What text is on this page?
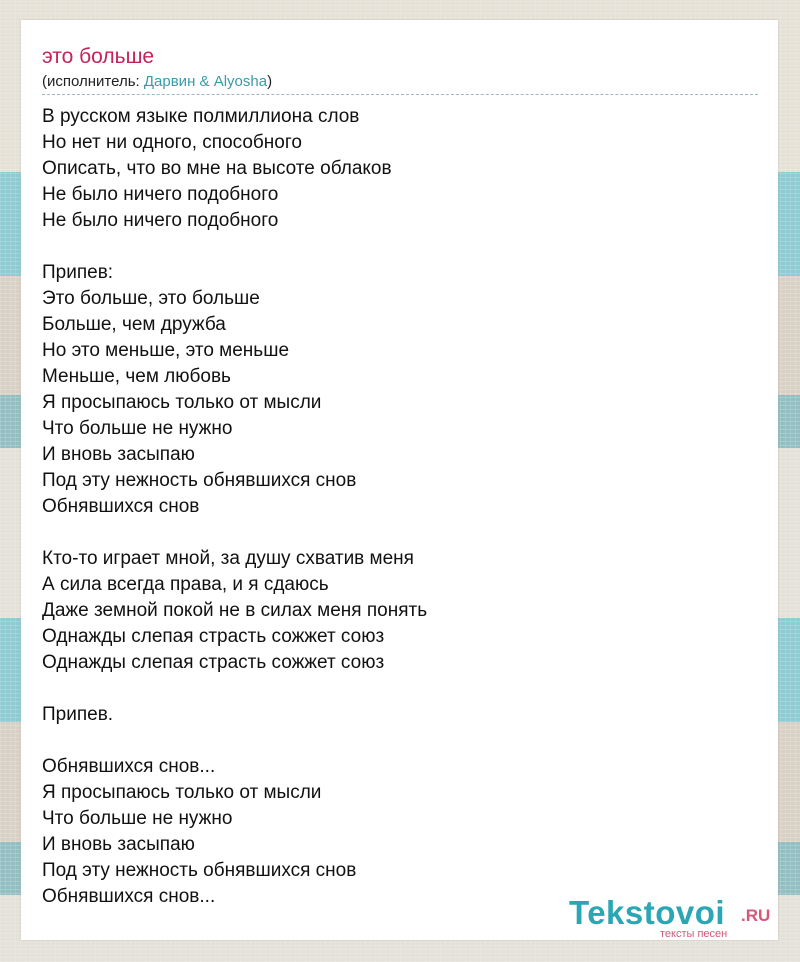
это больше
(исполнитель: Дарвин & Alyosha)
В русском языке полмиллиона слов
Но нет ни одного, способного
Описать, что во мне на высоте облаков
Не было ничего подобного
Не было ничего подобного

Припев:
Это больше, это больше
Больше, чем дружба
Но это меньше, это меньше
Меньше, чем любовь
Я просыпаюсь только от мысли
Что больше не нужно
И вновь засыпаю
Под эту нежность обнявшихся снов
Обнявшихся снов

Кто-то играет мной, за душу схватив меня
А сила всегда права, и я сдаюсь
Даже земной покой не в силах меня понять
Однажды слепая страсть сожжет союз
Однажды слепая страсть сожжет союз

Припев.

Обнявшихся снов...
Я просыпаюсь только от мысли
Что больше не нужно
И вновь засыпаю
Под эту нежность обнявшихся снов
Обнявшихся снов...	Tekstovoi .RU
тексты песен
